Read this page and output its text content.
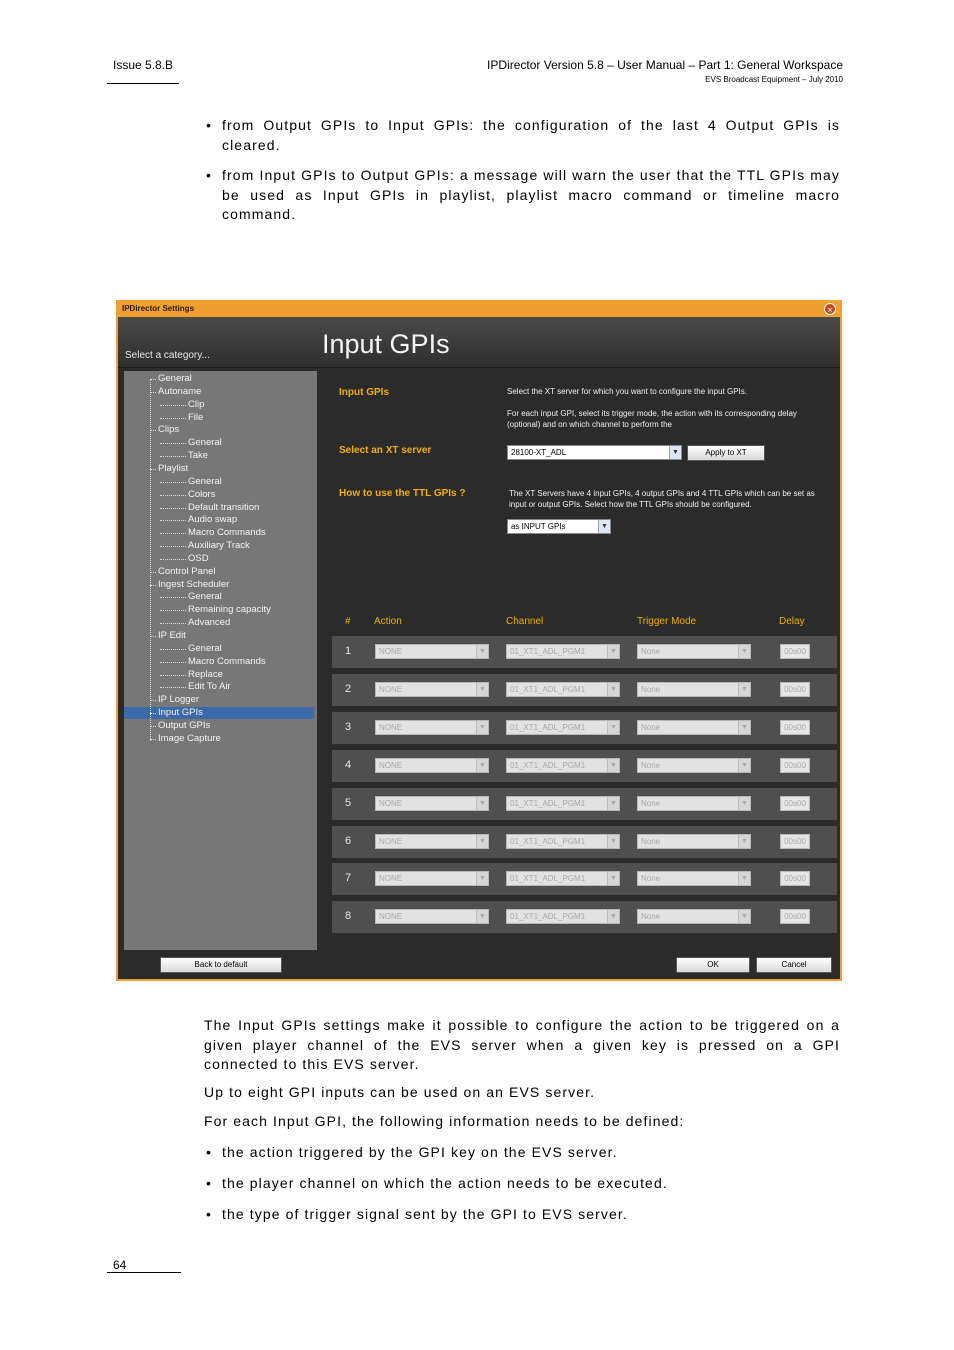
Issue 5.8.B	IPDirector Version 5.8 – User Manual – Part 1: General Workspace
EVS Broadcast Equipment – July 2010
• from Output GPIs to Input GPIs: the configuration of the last 4 Output GPIs is cleared.
• from Input GPIs to Output GPIs: a message will warn the user that the TTL GPIs may be used as Input GPIs in playlist, playlist macro command or timeline macro command.
IPDirector Settings	×
Select a category...	Input GPIs
General
Autoname
Clip
File
Clips
General
Take
Playlist
General
Colors
Default transition
Audio swap
Macro Commands
Auxiliary Track
OSD
Control Panel
Ingest Scheduler
General
Remaining capacity
Advanced
IP Edit
General
Macro Commands
Replace
Edit To Air
IP Logger
Input GPIs
Output GPIs
Image Capture
Input GPIs	Select the XT server for which you want to configure the input GPIs.
For each input GPI, select its trigger mode, the action with its corresponding delay (optional) and on which channel to perform the
Select an XT server	28100-XT_ADL	▼	Apply to XT
How to use the TTL GPIs ?	The XT Servers have 4 input GPIs, 4 output GPIs and 4 TTL GPIs which can be set as input or output GPIs. Select how the TTL GPIs should be configured.
as INPUT GPIs	▼
# Action	Channel	Trigger Mode	Delay
1	NONE	▼	01_XT1_ADL_PGM1	▼	None	▼	00s00
2	NONE	▼	01_XT1_ADL_PGM1	▼	None	▼	00s00
3	NONE	▼	01_XT1_ADL_PGM1	▼	None	▼	00s00
4	NONE	▼	01_XT1_ADL_PGM1	▼	None	▼	00s00
5	NONE	▼	01_XT1_ADL_PGM1	▼	None	▼	00s00
6	NONE	▼	01_XT1_ADL_PGM1	▼	None	▼	00s00
7	NONE	▼	01_XT1_ADL_PGM1	▼	None	▼	00s00
8	NONE	▼	01_XT1_ADL_PGM1	▼	None	▼	00s00
Back to default	OK	Cancel
The Input GPIs settings make it possible to configure the action to be triggered on a given player channel of the EVS server when a given key is pressed on a GPI connected to this EVS server.
Up to eight GPI inputs can be used on an EVS server.
For each Input GPI, the following information needs to be defined:
• the action triggered by the GPI key on the EVS server.
• the player channel on which the action needs to be executed.
• the type of trigger signal sent by the GPI to EVS server.
64
